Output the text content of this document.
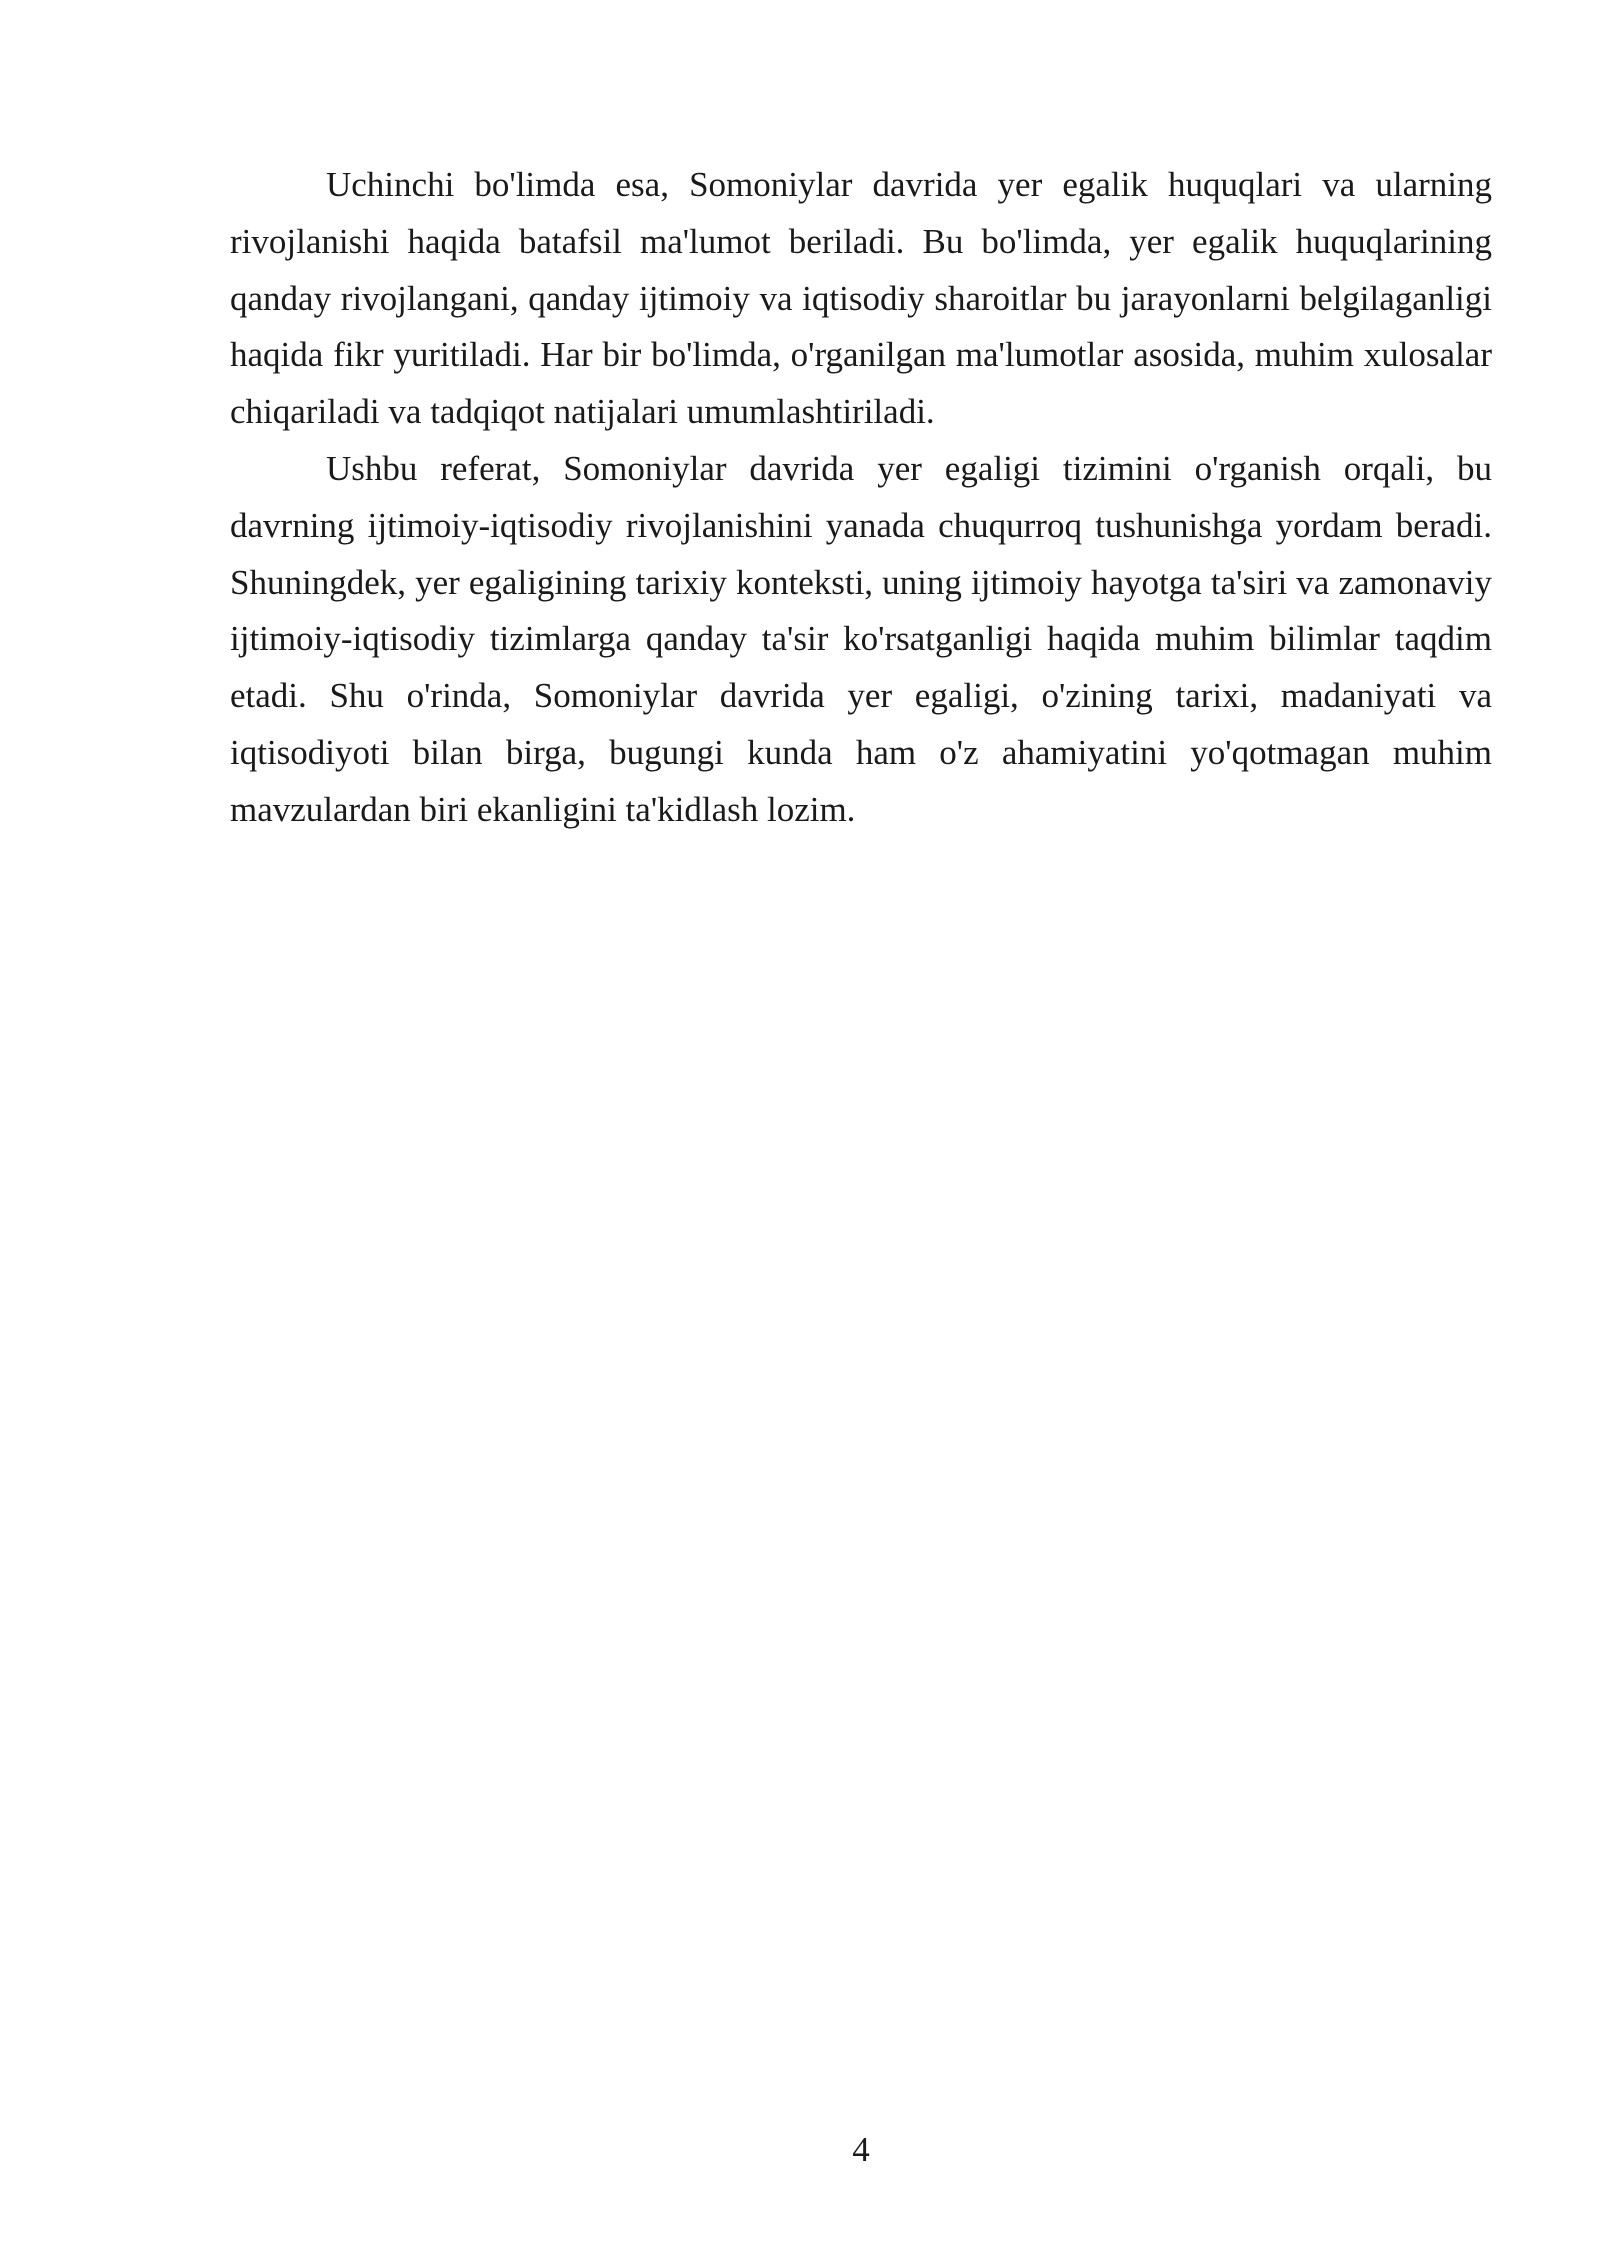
Uchinchi bo'limda esa, Somoniylar davrida yer egalik huquqlari va ularning rivojlanishi haqida batafsil ma'lumot beriladi. Bu bo'limda, yer egalik huquqlarining qanday rivojlangani, qanday ijtimoiy va iqtisodiy sharoitlar bu jarayonlarni belgilaganligi haqida fikr yuritiladi. Har bir bo'limda, o'rganilgan ma'lumotlar asosida, muhim xulosalar chiqariladi va tadqiqot natijalari umumlashtiriladi.

Ushbu referat, Somoniylar davrida yer egaligi tizimini o'rganish orqali, bu davrning ijtimoiy-iqtisodiy rivojlanishini yanada chuqurroq tushunishga yordam beradi. Shuningdek, yer egaligining tarixiy konteksti, uning ijtimoiy hayotga ta'siri va zamonaviy ijtimoiy-iqtisodiy tizimlarga qanday ta'sir ko'rsatganligi haqida muhim bilimlar taqdim etadi. Shu o'rinda, Somoniylar davrida yer egaligi, o'zining tarixi, madaniyati va iqtisodiyoti bilan birga, bugungi kunda ham o'z ahamiyatini yo'qotmagan muhim mavzulardan biri ekanligini ta'kidlash lozim.

4
